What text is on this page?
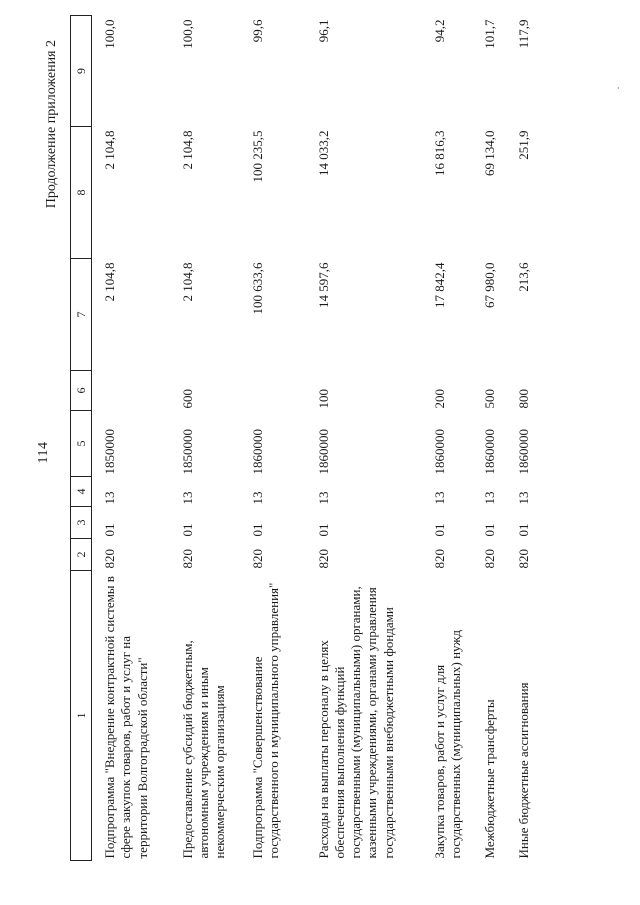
114
Продолжение приложения 2
1	2	3	4	5	6	7	8	9
Подпрограмма "Внедрение контрактной системы в сфере закупок товаров, работ и услуг на территории Волгоградской области"	820	01	13	1850000		2 104,8	2 104,8	100,0
Предоставление субсидий бюджетным, автономным учреждениям и иным некоммерческим организациям	820	01	13	1850000	600	2 104,8	2 104,8	100,0
Подпрограмма "Совершенствование государственного и муниципального управления"	820	01	13	1860000		100 633,6	100 235,5	99,6
Расходы на выплаты персоналу в целях обеспечения выполнения функций государственными (муниципальными) органами, казенными учреждениями, органами управления государственными внебюджетными фондами	820	01	13	1860000	100	14 597,6	14 033,2	96,1
Закупка товаров, работ и услуг для государственных (муниципальных) нужд	820	01	13	1860000	200	17 842,4	16 816,3	94,2
Межбюджетные трансферты	820	01	13	1860000	500	67 980,0	69 134,0	101,7
Иные бюджетные ассигнования	820	01	13	1860000	800	213,6	251,9	117,9
·
